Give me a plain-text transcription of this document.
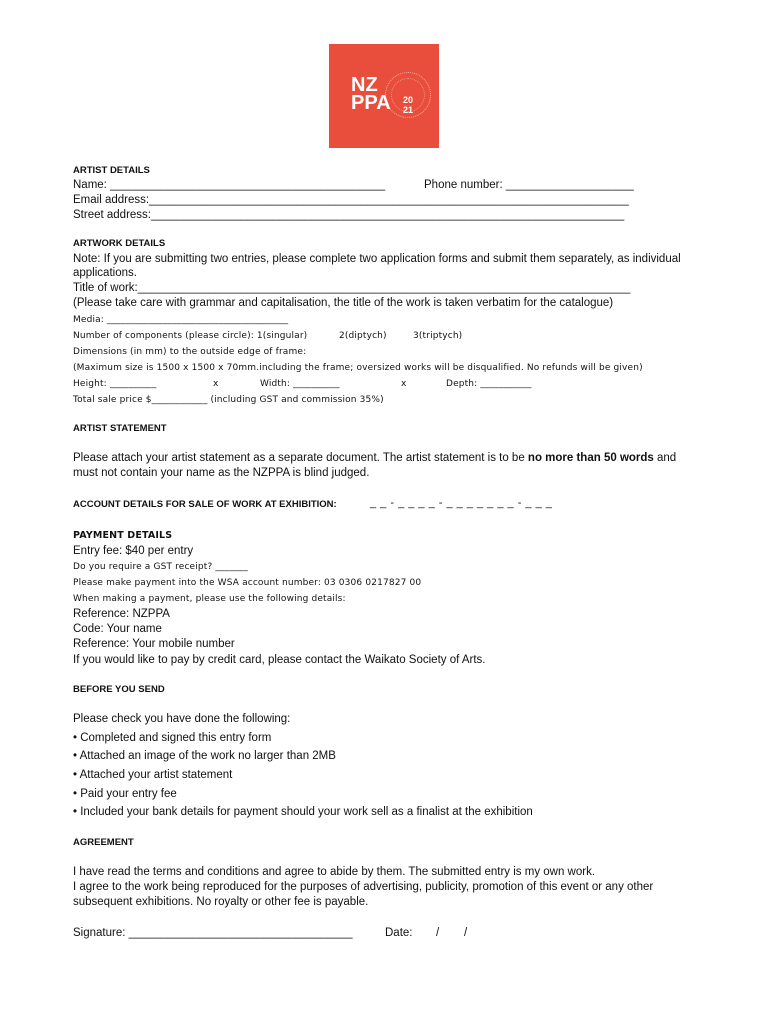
NZ
PPA 20
21
ARTIST DETAILS
Name: ___________________________________________	Phone number: ____________________
Email address:___________________________________________________________________________
Street address:__________________________________________________________________________
ARTWORK DETAILS
Note: If you are submitting two entries, please complete two application forms and submit them separately, as individual
applications.
Title of work:_____________________________________________________________________________
(Please take care with grammar and capitalisation, the title of the work is taken verbatim for the catalogue)
Media: _______________________________________
Number of components (please circle): 1(singular)	2(diptych)	3(triptych)
Dimensions (in mm) to the outside edge of frame:
(Maximum size is 1500 x 1500 x 70mm.including the frame; oversized works will be disqualified. No refunds will be given)
Height: __________	x	Width: __________	x	Depth: ___________
Total sale price $____________ (including GST and commission 35%)
ARTIST STATEMENT
Please attach your artist statement as a separate document. The artist statement is to be no more than 50 words and
must not contain your name as the NZPPA is blind judged.
ACCOUNT DETAILS FOR SALE OF WORK AT EXHIBITION:	_ _ - _ _ _ _ - _ _ _ _ _ _ _ - _ _ _
PAYMENT DETAILS
Entry fee: $40 per entry
Do you require a GST receipt? _______
Please make payment into the WSA account number: 03 0306 0217827 00
When making a payment, please use the following details:
Reference: NZPPA
Code: Your name
Reference: Your mobile number
If you would like to pay by credit card, please contact the Waikato Society of Arts.
BEFORE YOU SEND
Please check you have done the following:
• Completed and signed this entry form
• Attached an image of the work no larger than 2MB
• Attached your artist statement
• Paid your entry fee
• Included your bank details for payment should your work sell as a finalist at the exhibition
AGREEMENT
I have read the terms and conditions and agree to abide by them. The submitted entry is my own work.
I agree to the work being reproduced for the purposes of advertising, publicity, promotion of this event or any other
subsequent exhibitions. No royalty or other fee is payable.
Signature: ___________________________________	Date: / /
